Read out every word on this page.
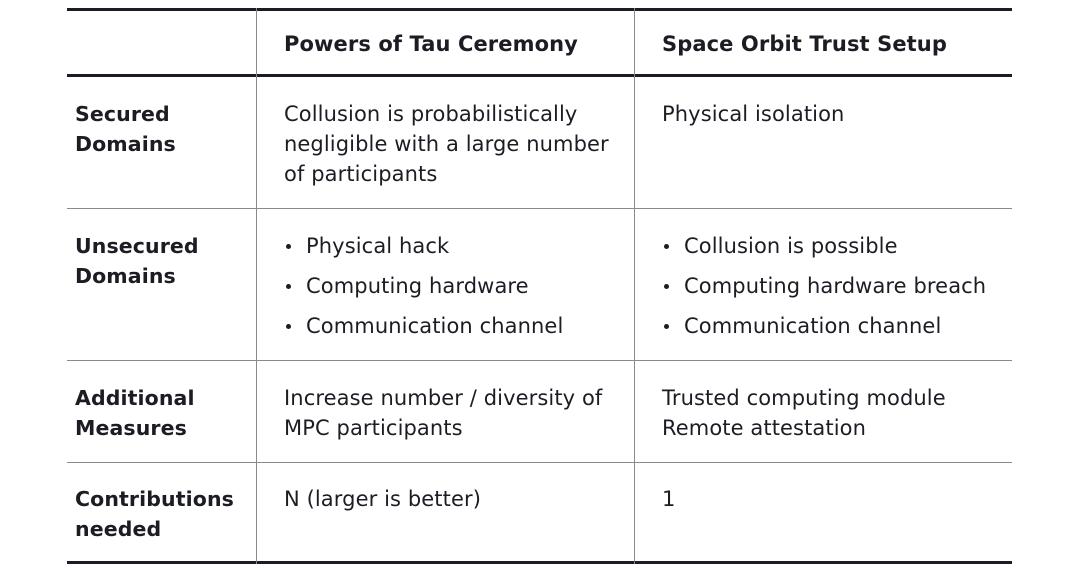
Powers of Tau Ceremony	Space Orbit Trust Setup
Secured
Domains
Collusion is probabilistically
negligible with a large number
of participants
Physical isolation
Unsecured
Domains
Physical hack
Computing hardware
Communication channel
Collusion is possible
Computing hardware breach
Communication channel
Additional
Measures
Increase number / diversity of
MPC participants
Trusted computing module
Remote attestation
Contributions
needed
N (larger is better)	1
